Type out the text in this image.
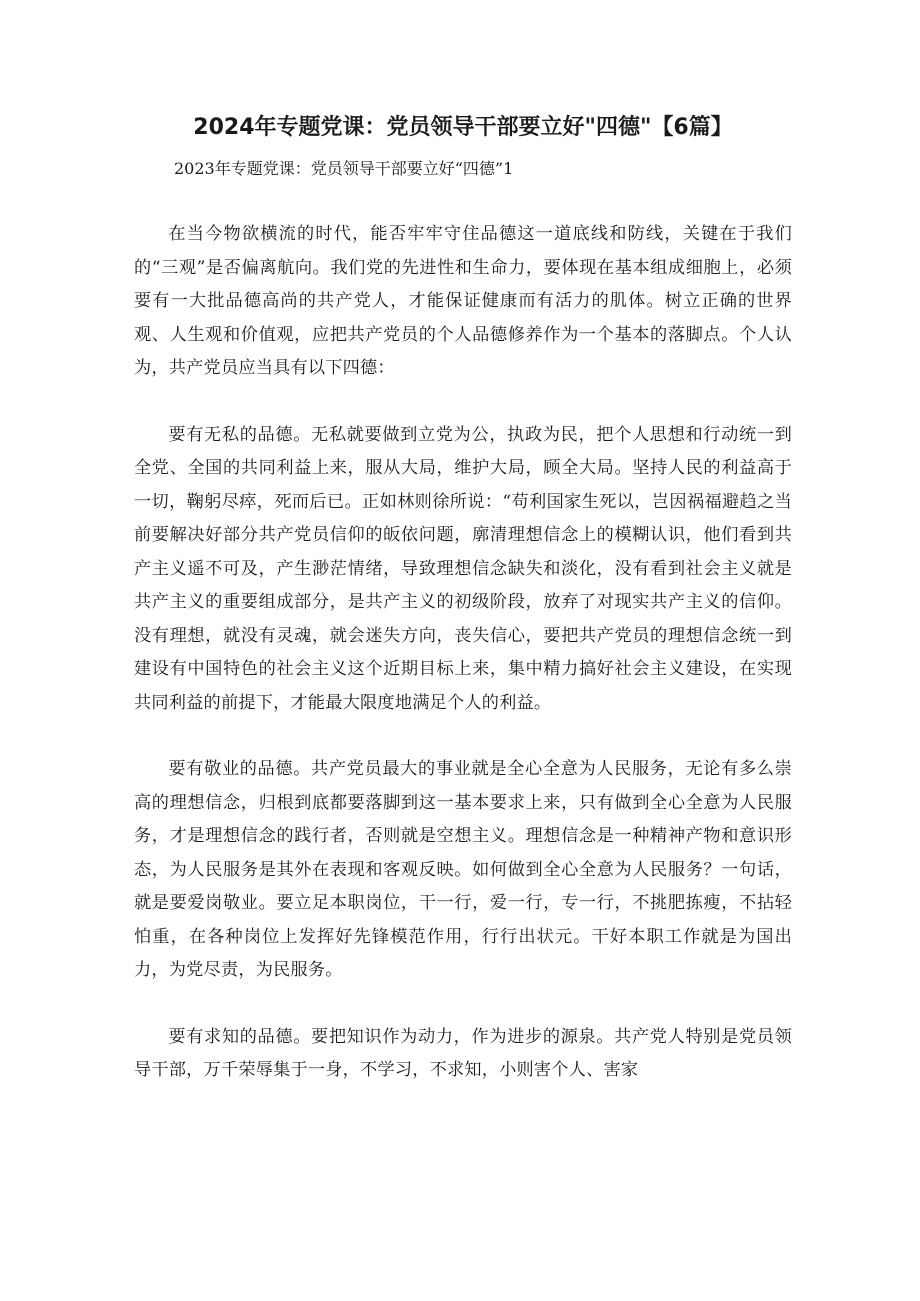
2024年专题党课：党员领导干部要立好"四德"【6篇】
2023年专题党课：党员领导干部要立好“四德”1

在当今物欲横流的时代，能否牢牢守住品德这一道底线和防线，关键在于我们的“三观”是否偏离航向。我们党的先进性和生命力，要体现在基本组成细胞上，必须要有一大批品德高尚的共产党人，才能保证健康而有活力的肌体。树立正确的世界观、人生观和价值观，应把共产党员的个人品德修养作为一个基本的落脚点。个人认为，共产党员应当具有以下四德：

要有无私的品德。无私就要做到立党为公，执政为民，把个人思想和行动统一到全党、全国的共同利益上来，服从大局，维护大局，顾全大局。坚持人民的利益高于一切，鞠躬尽瘁，死而后已。正如林则徐所说：“苟利国家生死以，岂因祸福避趋之当前要解决好部分共产党员信仰的皈依问题，廓清理想信念上的模糊认识，他们看到共产主义遥不可及，产生渺茫情绪，导致理想信念缺失和淡化，没有看到社会主义就是共产主义的重要组成部分，是共产主义的初级阶段，放弃了对现实共产主义的信仰。没有理想，就没有灵魂，就会迷失方向，丧失信心，要把共产党员的理想信念统一到建设有中国特色的社会主义这个近期目标上来，集中精力搞好社会主义建设，在实现共同利益的前提下，才能最大限度地满足个人的利益。

要有敬业的品德。共产党员最大的事业就是全心全意为人民服务，无论有多么崇高的理想信念，归根到底都要落脚到这一基本要求上来，只有做到全心全意为人民服务，才是理想信念的践行者，否则就是空想主义。理想信念是一种精神产物和意识形态，为人民服务是其外在表现和客观反映。如何做到全心全意为人民服务？一句话，就是要爱岗敬业。要立足本职岗位，干一行，爱一行，专一行，不挑肥拣瘦，不拈轻怕重，在各种岗位上发挥好先锋模范作用，行行出状元。干好本职工作就是为国出力，为党尽责，为民服务。

要有求知的品德。要把知识作为动力，作为进步的源泉。共产党人特别是党员领导干部，万千荣辱集于一身，不学习，不求知，小则害个人、害家
